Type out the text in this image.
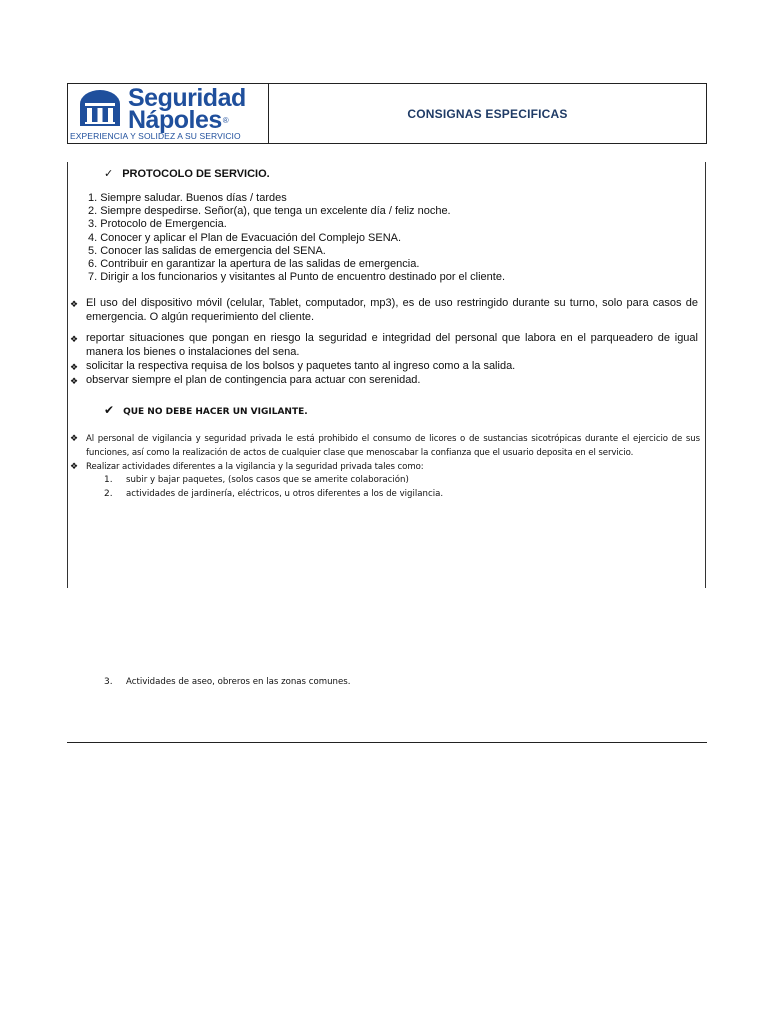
Seguridad
Nápoles®
EXPERIENCIA Y SOLIDEZ A SU SERVICIO
CONSIGNAS ESPECIFICAS
✓ PROTOCOLO DE SERVICIO.
1. Siempre saludar. Buenos días / tardes
2. Siempre despedirse. Señor(a), que tenga un excelente día / feliz noche.
3. Protocolo de Emergencia.
4. Conocer y aplicar el Plan de Evacuación del Complejo SENA.
5. Conocer las salidas de emergencia del SENA.
6. Contribuir en garantizar la apertura de las salidas de emergencia.
7. Dirigir a los funcionarios y visitantes al Punto de encuentro destinado por el cliente.
❖ El uso del dispositivo móvil (celular, Tablet, computador, mp3), es de uso restringido durante su turno, solo para casos de emergencia. O algún requerimiento del cliente.
❖ reportar situaciones que pongan en riesgo la seguridad e integridad del personal que labora en el parqueadero de igual manera los bienes o instalaciones del sena.
❖ solicitar la respectiva requisa de los bolsos y paquetes tanto al ingreso como a la salida.
❖ observar siempre el plan de contingencia para actuar con serenidad.
✔ QUE NO DEBE HACER UN VIGILANTE.
❖ Al personal de vigilancia y seguridad privada le está prohibido el consumo de licores o de sustancias sicotrópicas durante el ejercicio de sus funciones, así como la realización de actos de cualquier clase que menoscabar la confianza que el usuario deposita en el servicio.
❖ Realizar actividades diferentes a la vigilancia y la seguridad privada tales como:
1. subir y bajar paquetes, (solos casos que se amerite colaboración)
2. actividades de jardinería, eléctricos, u otros diferentes a los de vigilancia.
3. Actividades de aseo, obreros en las zonas comunes.
